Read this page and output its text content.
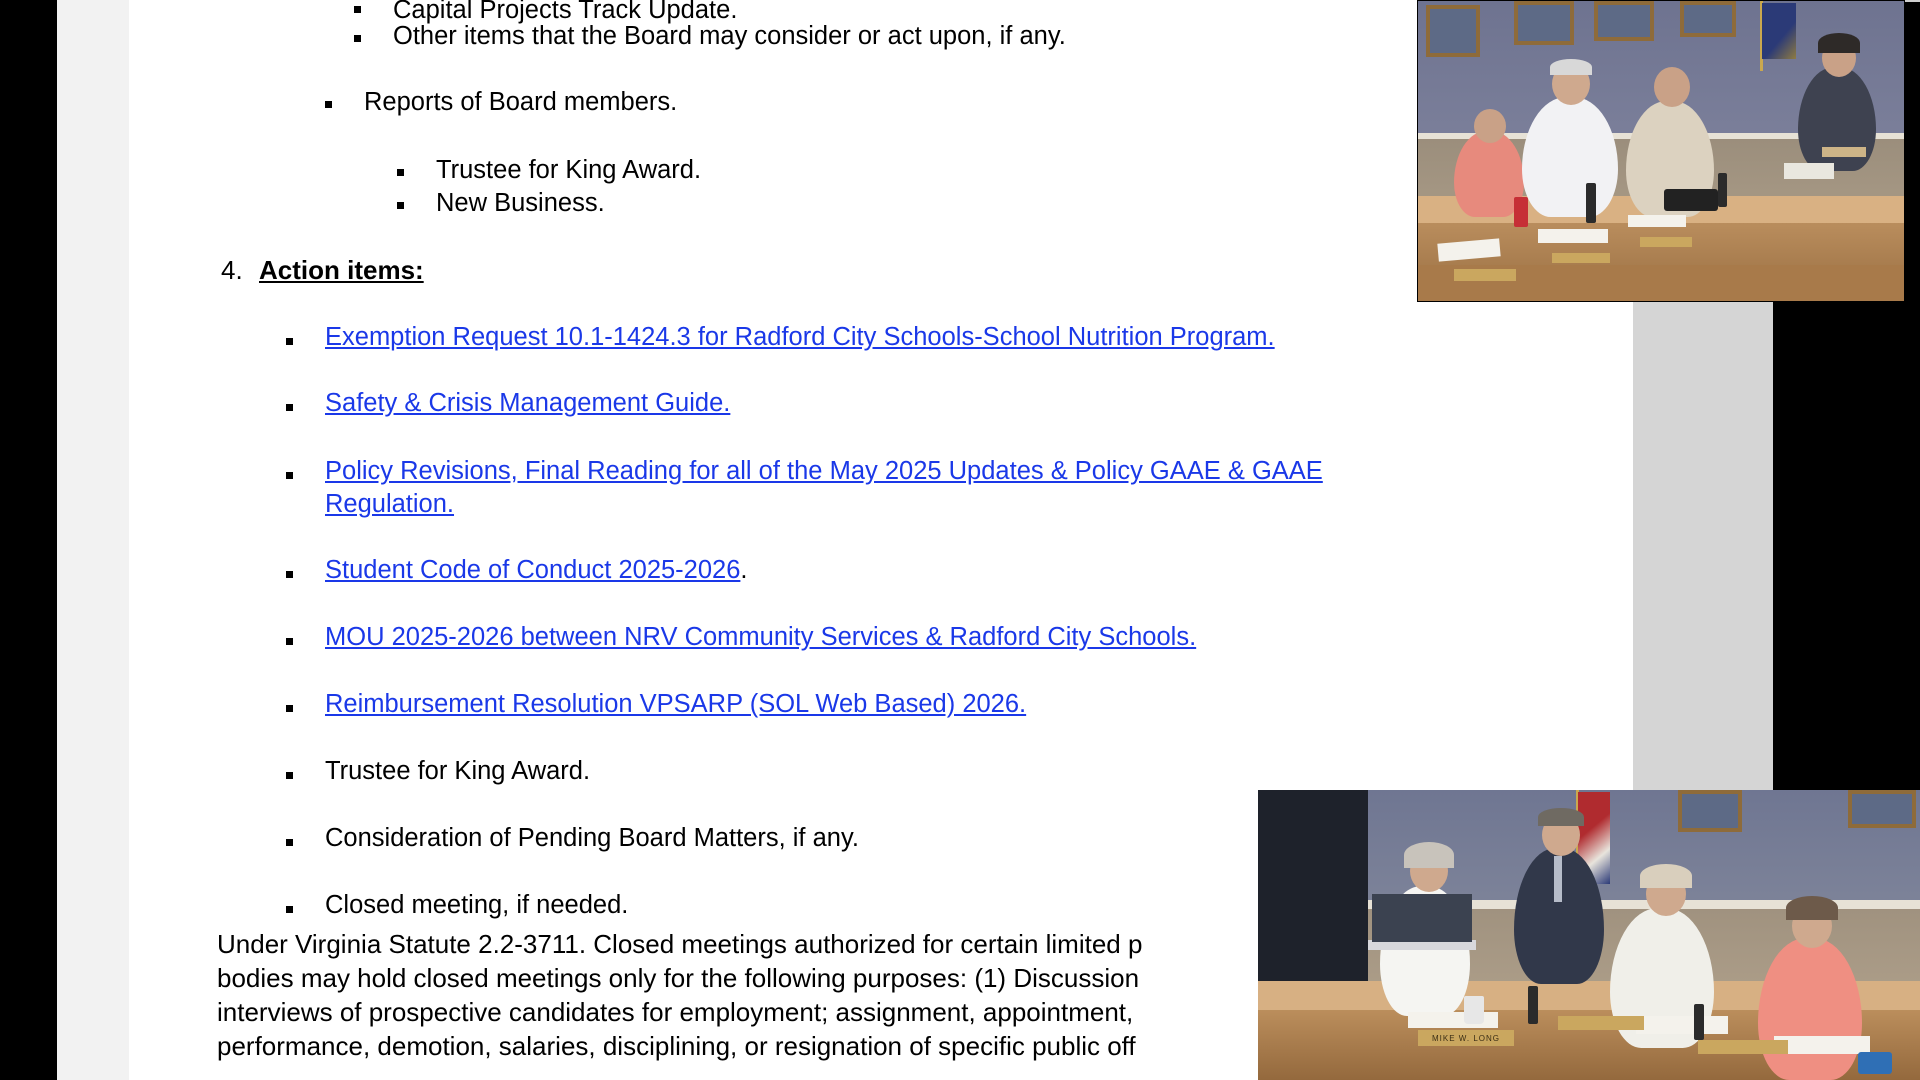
Capital Projects Track Update.
Other items that the Board may consider or act upon, if any.
Reports of Board members.
Trustee for King Award.
New Business.
4. Action items:
Exemption Request 10.1-1424.3 for Radford City Schools-School Nutrition Program.
Safety & Crisis Management Guide.
Policy Revisions, Final Reading for all of the May 2025 Updates & Policy GAAE & GAAE
Regulation.
Student Code of Conduct 2025-2026.
MOU 2025-2026 between NRV Community Services & Radford City Schools.
Reimbursement Resolution VPSARP (SOL Web Based) 2026.
Trustee for King Award.
Consideration of Pending Board Matters, if any.
Closed meeting, if needed.
Under Virginia Statute 2.2-3711. Closed meetings authorized for certain limited p
bodies may hold closed meetings only for the following purposes: (1) Discussion
interviews of prospective candidates for employment; assignment, appointment,
performance, demotion, salaries, disciplining, or resignation of specific public off	MIKE W. LONG
